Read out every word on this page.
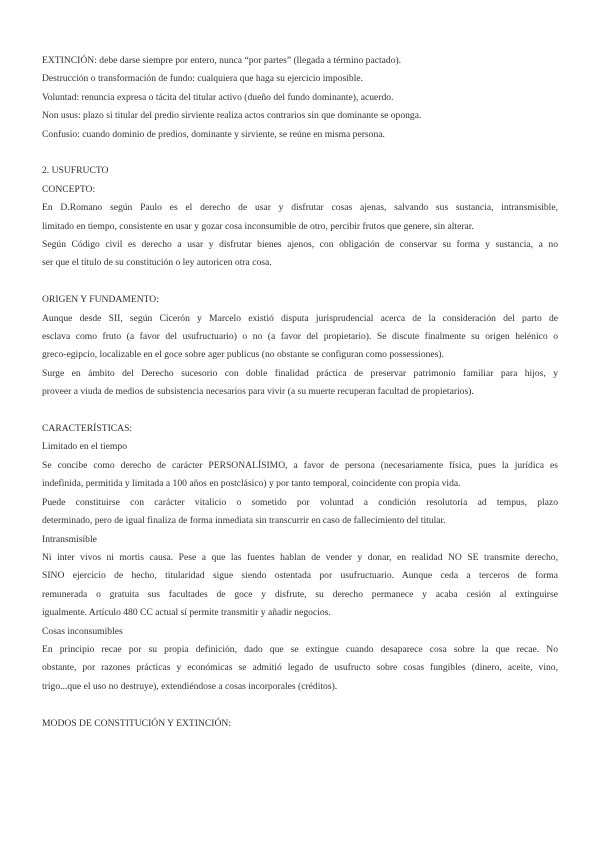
EXTINCIÓN: debe darse siempre por entero, nunca “por partes” (llegada a término pactado).
Destrucción o transformación de fundo: cualquiera que haga su ejercicio imposible.
Voluntad: renuncia expresa o tácita del titular activo (dueño del fundo dominante), acuerdo.
Non usus: plazo si titular del predio sirviente realiza actos contrarios sin que dominante se oponga.
Confusio: cuando dominio de predios, dominante y sirviente, se reúne en misma persona.
2. USUFRUCTO
CONCEPTO:
En D.Romano según Paulo es el derecho de usar y disfrutar cosas ajenas, salvando sus sustancia, intransmisible,
limitado en tiempo, consistente en usar y gozar cosa inconsumible de otro, percibir frutos que genere, sin alterar.
Según Código civil es derecho a usar y disfrutar bienes ajenos, con obligación de conservar su forma y sustancia, a no
ser que el título de su constitución o ley autoricen otra cosa.
ORIGEN Y FUNDAMENTO:
Aunque desde SII, según Cicerón y Marcelo existió disputa jurisprudencial acerca de la consideración del parto de
esclava como fruto (a favor del usufructuario) o no (a favor del propietario). Se discute finalmente su origen helénico o
greco-egipcio, localizable en el goce sobre ager publicus (no obstante se configuran como possessiones).
Surge en ámbito del Derecho sucesorio con doble finalidad práctica de preservar patrimonio familiar para hijos, y
proveer a viuda de medios de subsistencia necesarios para vivir (a su muerte recuperan facultad de propietarios).
CARACTERÍSTICAS:
Limitado en el tiempo
Se concibe como derecho de carácter PERSONALÍSIMO, a favor de persona (necesariamente física, pues la jurídica es
indefinida, permitida y limitada a 100 años en postclásico) y por tanto temporal, coincidente con propia vida.
Puede constituirse con carácter vitalicio o sometido por voluntad a condición resolutoria ad tempus, plazo
determinado, pero de igual finaliza de forma inmediata sin transcurrir en caso de fallecimiento del titular.
Intransmisible
Ni inter vivos ni mortis causa. Pese a que las fuentes hablan de vender y donar, en realidad NO SE transmite derecho,
SINO ejercicio de hecho, titularidad sigue siendo ostentada por usufructuario. Aunque ceda a terceros de forma
remunerada o gratuita sus facultades de goce y disfrute, su derecho permanece y acaba cesión al extinguirse
igualmente. Artículo 480 CC actual sí permite transmitir y añadir negocios.
Cosas inconsumibles
En principio recae por su propia definición, dado que se extingue cuando desaparece cosa sobre la que recae. No
obstante, por razones prácticas y económicas se admitió legado de usufructo sobre cosas fungibles (dinero, aceite, vino,
trigo...que el uso no destruye), extendiéndose a cosas incorporales (créditos).
MODOS DE CONSTITUCIÓN Y EXTINCIÓN:
